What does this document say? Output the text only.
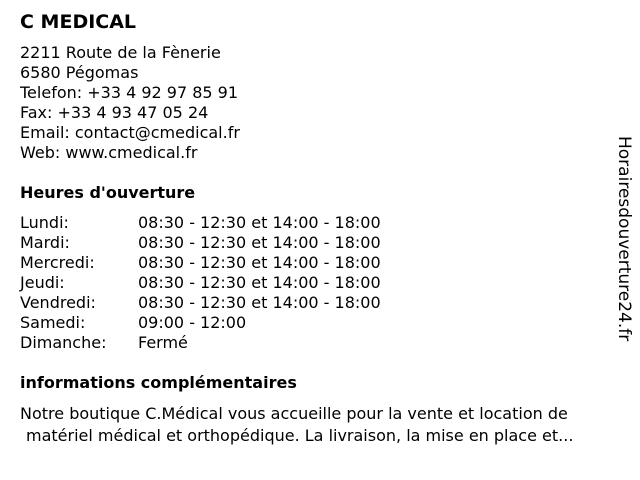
C MEDICAL
2211 Route de la Fènerie
6580 Pégomas
Telefon: +33 4 92 97 85 91
Fax: +33 4 93 47 05 24
Email: contact@cmedical.fr
Web: www.cmedical.fr
Heures d'ouverture
Lundi:	08:30 - 12:30 et 14:00 - 18:00
Mardi:	08:30 - 12:30 et 14:00 - 18:00
Mercredi:	08:30 - 12:30 et 14:00 - 18:00
Jeudi:	08:30 - 12:30 et 14:00 - 18:00
Vendredi:	08:30 - 12:30 et 14:00 - 18:00
Samedi:	09:00 - 12:00
Dimanche:	Fermé
informations complémentaires
Notre boutique C.Médical vous accueille pour la vente et location de
matériel médical et orthopédique. La livraison, la mise en place et...
Horairesdouverture24.fr
